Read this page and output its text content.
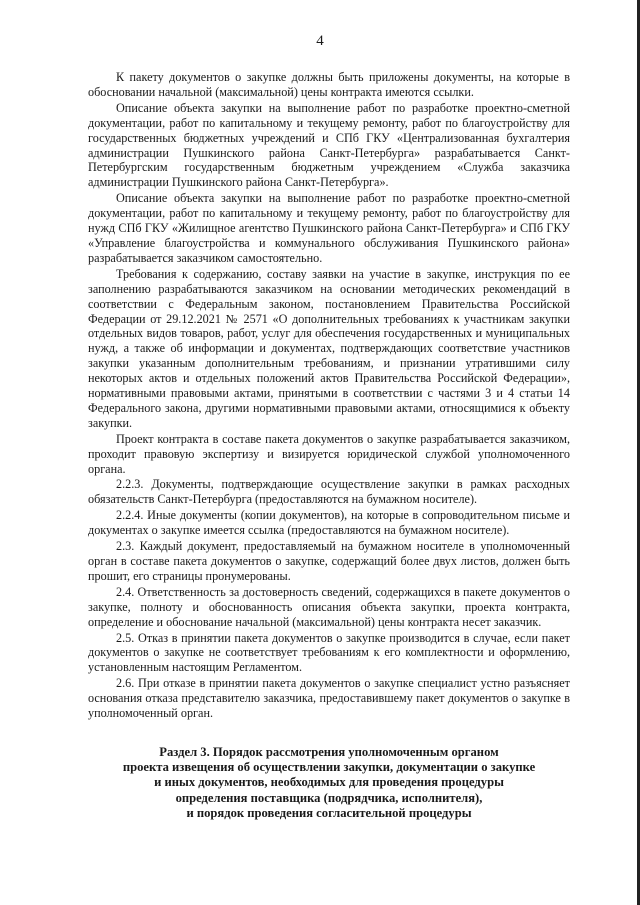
4

К пакету документов о закупке должны быть приложены документы, на которые в обосновании начальной (максимальной) цены контракта имеются ссылки.

Описание объекта закупки на выполнение работ по разработке проектно-сметной документации, работ по капитальному и текущему ремонту, работ по благоустройству для государственных бюджетных учреждений и СПб ГКУ «Централизованная бухгалтерия администрации Пушкинского района Санкт-Петербурга» разрабатывается Санкт-Петербургским государственным бюджетным учреждением «Служба заказчика администрации Пушкинского района Санкт-Петербурга».

Описание объекта закупки на выполнение работ по разработке проектно-сметной документации, работ по капитальному и текущему ремонту, работ по благоустройству для нужд СПб ГКУ «Жилищное агентство Пушкинского района Санкт-Петербурга» и СПб ГКУ «Управление благоустройства и коммунального обслуживания Пушкинского района» разрабатывается заказчиком самостоятельно.

Требования к содержанию, составу заявки на участие в закупке, инструкция по ее заполнению разрабатываются заказчиком на основании методических рекомендаций в соответствии с Федеральным законом, постановлением Правительства Российской Федерации от 29.12.2021 № 2571 «О дополнительных требованиях к участникам закупки отдельных видов товаров, работ, услуг для обеспечения государственных и муниципальных нужд, а также об информации и документах, подтверждающих соответствие участников закупки указанным дополнительным требованиям, и признании утратившими силу некоторых актов и отдельных положений актов Правительства Российской Федерации», нормативными правовыми актами, принятыми в соответствии с частями 3 и 4 статьи 14 Федерального закона, другими нормативными правовыми актами, относящимися к объекту закупки.

Проект контракта в составе пакета документов о закупке разрабатывается заказчиком, проходит правовую экспертизу и визируется юридической службой уполномоченного органа.

2.2.3. Документы, подтверждающие осуществление закупки в рамках расходных обязательств Санкт-Петербурга (предоставляются на бумажном носителе).

2.2.4. Иные документы (копии документов), на которые в сопроводительном письме и документах о закупке имеется ссылка (предоставляются на бумажном носителе).

2.3. Каждый документ, предоставляемый на бумажном носителе в уполномоченный орган в составе пакета документов о закупке, содержащий более двух листов, должен быть прошит, его страницы пронумерованы.

2.4. Ответственность за достоверность сведений, содержащихся в пакете документов о закупке, полноту и обоснованность описания объекта закупки, проекта контракта, определение и обоснование начальной (максимальной) цены контракта несет заказчик.

2.5. Отказ в принятии пакета документов о закупке производится в случае, если пакет документов о закупке не соответствует требованиям к его комплектности и оформлению, установленным настоящим Регламентом.

2.6. При отказе в принятии пакета документов о закупке специалист устно разъясняет основания отказа представителю заказчика, предоставившему пакет документов о закупке в уполномоченный орган.

Раздел 3. Порядок рассмотрения уполномоченным органом
проекта извещения об осуществлении закупки, документации о закупке
и иных документов, необходимых для проведения процедуры
определения поставщика (подрядчика, исполнителя),
и порядок проведения согласительной процедуры
